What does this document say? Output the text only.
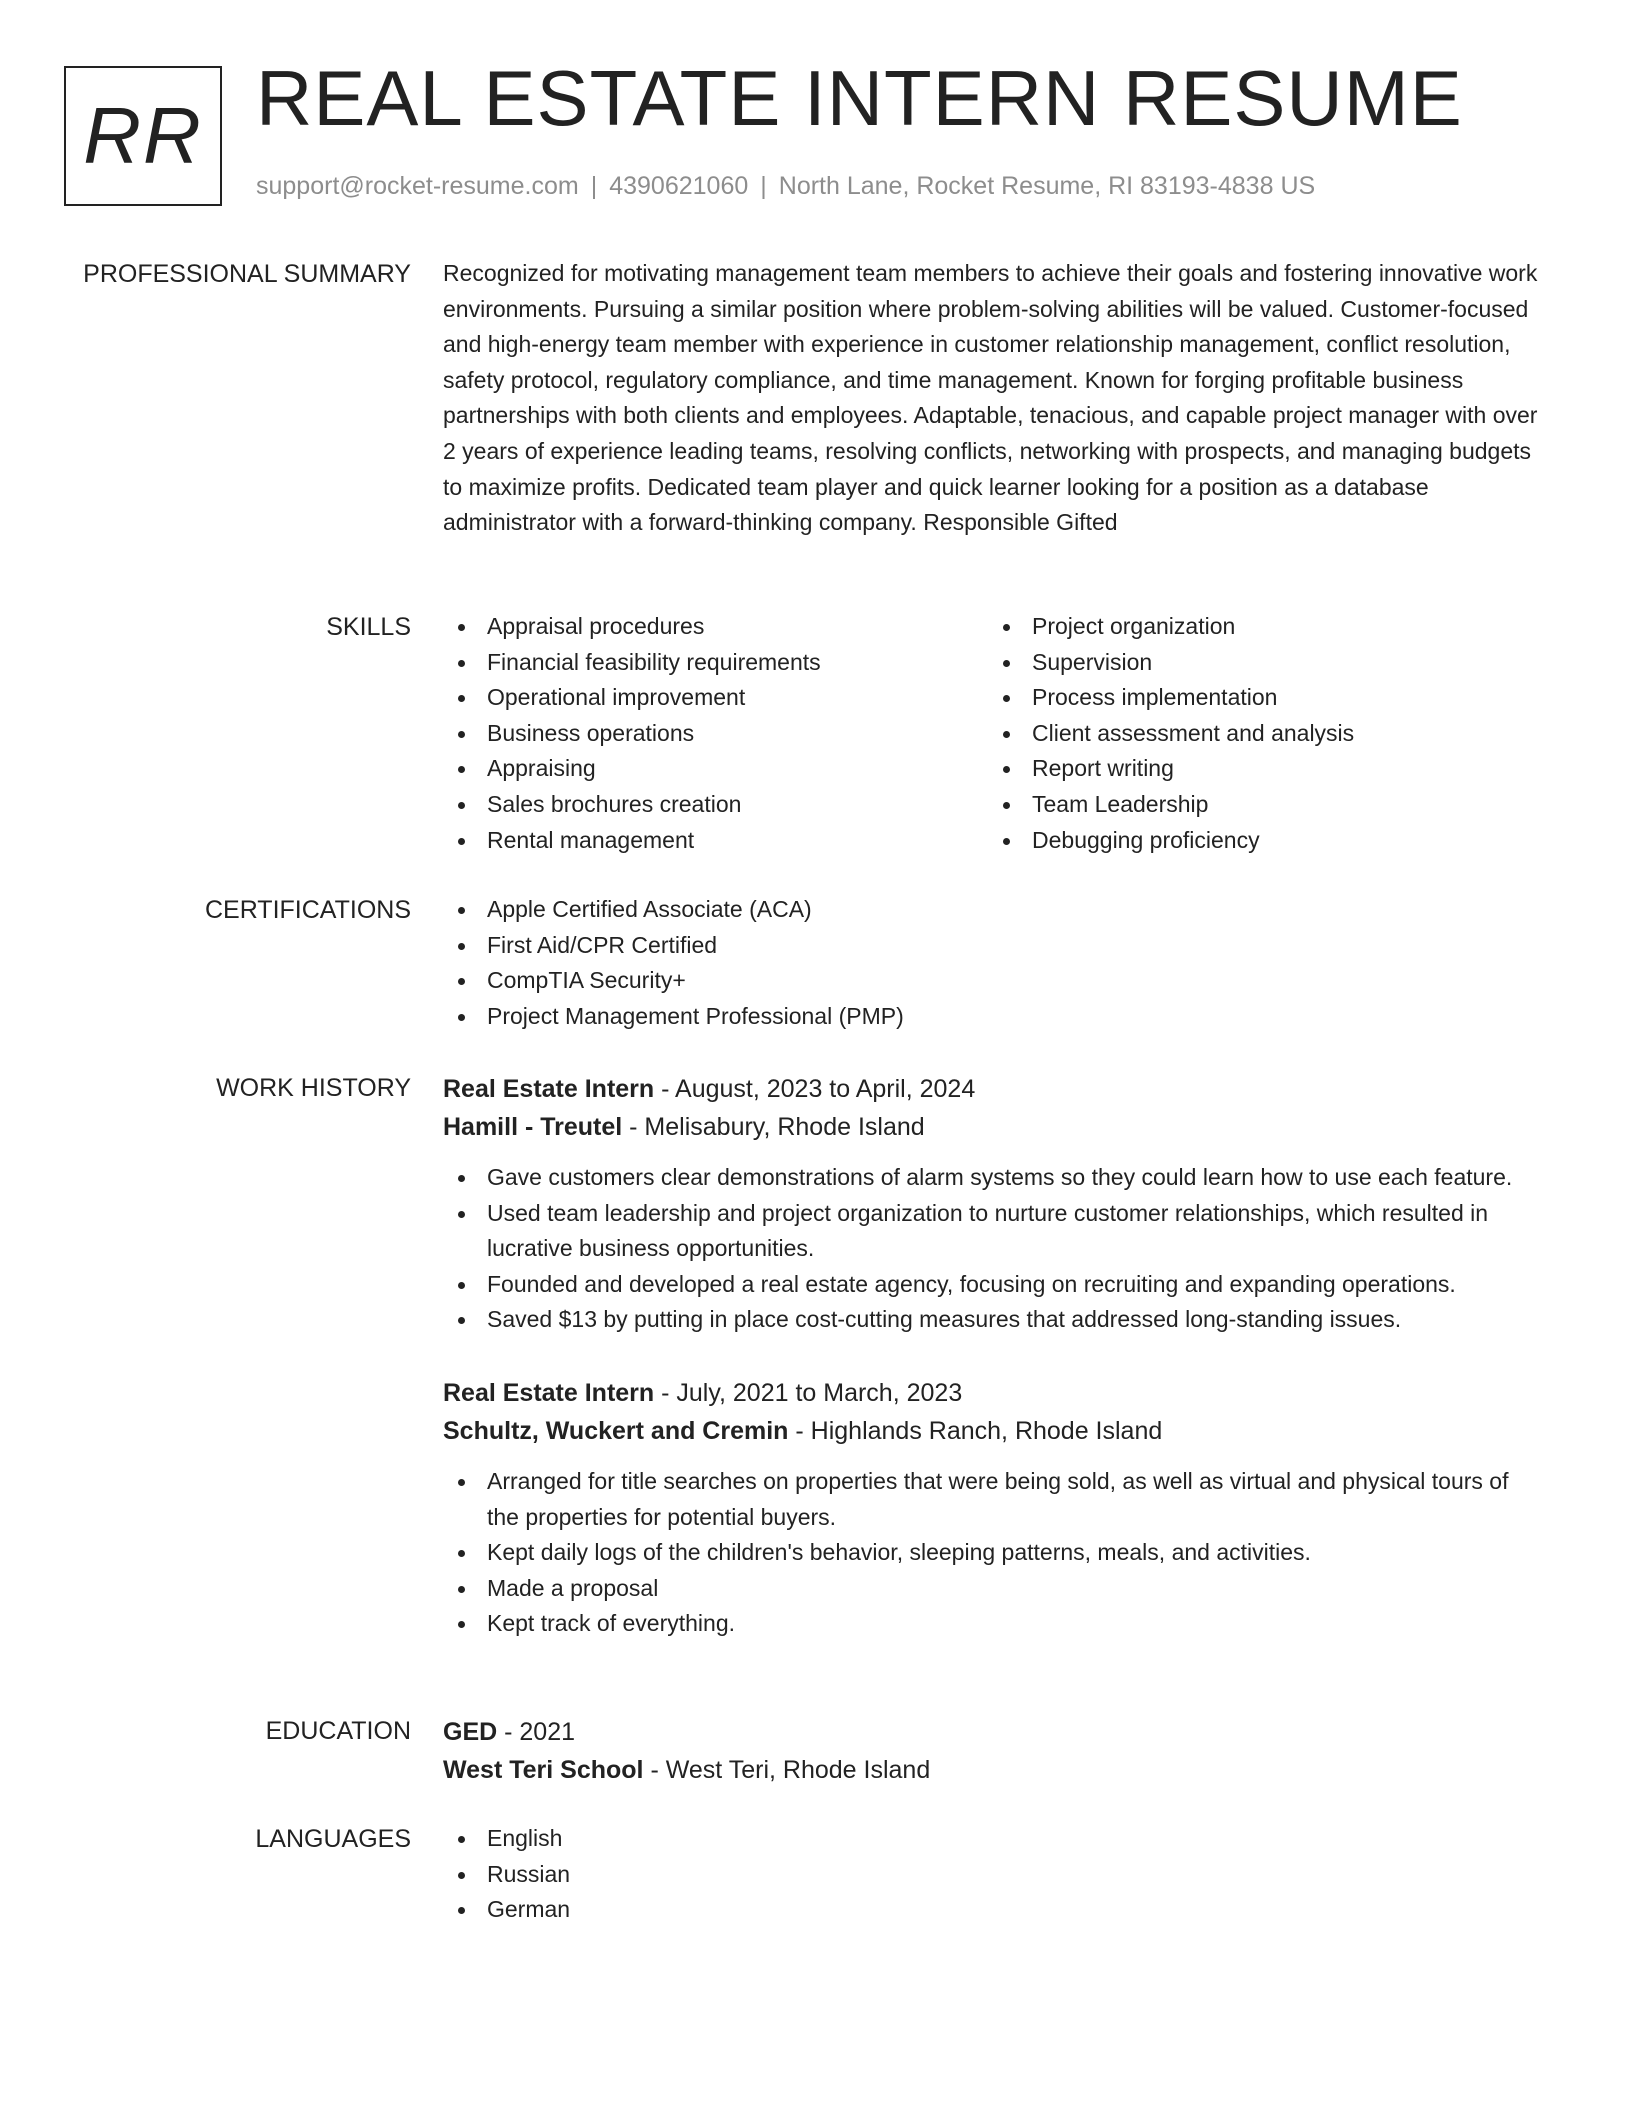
RR REAL ESTATE INTERN RESUME
support@rocket-resume.com | 4390621060 | North Lane, Rocket Resume, RI 83193-4838 US
PROFESSIONAL SUMMARY Recognized for motivating management team members to achieve their goals and fostering innovative work environments. Pursuing a similar position where problem-solving abilities will be valued. Customer-focused and high-energy team member with experience in customer relationship management, conflict resolution, safety protocol, regulatory compliance, and time management. Known for forging profitable business partnerships with both clients and employees. Adaptable, tenacious, and capable project manager with over 2 years of experience leading teams, resolving conflicts, networking with prospects, and managing budgets to maximize profits. Dedicated team player and quick learner looking for a position as a database administrator with a forward-thinking company. Responsible Gifted

SKILLS	Appraisal procedures
Financial feasibility requirements
Operational improvement
Business operations
Appraising
Sales brochures creation
Rental management
Project organization
Supervision
Process implementation
Client assessment and analysis
Report writing
Team Leadership
Debugging proficiency
CERTIFICATIONS	Apple Certified Associate (ACA)
First Aid/CPR Certified
CompTIA Security+
Project Management Professional (PMP)
WORK HISTORY Real Estate Intern - August, 2023 to April, 2024
Hamill - Treutel - Melisabury, Rhode Island
Gave customers clear demonstrations of alarm systems so they could learn how to use each feature.
Used team leadership and project organization to nurture customer relationships, which resulted in lucrative business opportunities.
Founded and developed a real estate agency, focusing on recruiting and expanding operations.
Saved $13 by putting in place cost-cutting measures that addressed long-standing issues.
Real Estate Intern - July, 2021 to March, 2023
Schultz, Wuckert and Cremin - Highlands Ranch, Rhode Island
Arranged for title searches on properties that were being sold, as well as virtual and physical tours of the properties for potential buyers.
Kept daily logs of the children's behavior, sleeping patterns, meals, and activities.
Made a proposal
Kept track of everything.
EDUCATION GED - 2021
West Teri School - West Teri, Rhode Island
LANGUAGES	English
Russian
German
